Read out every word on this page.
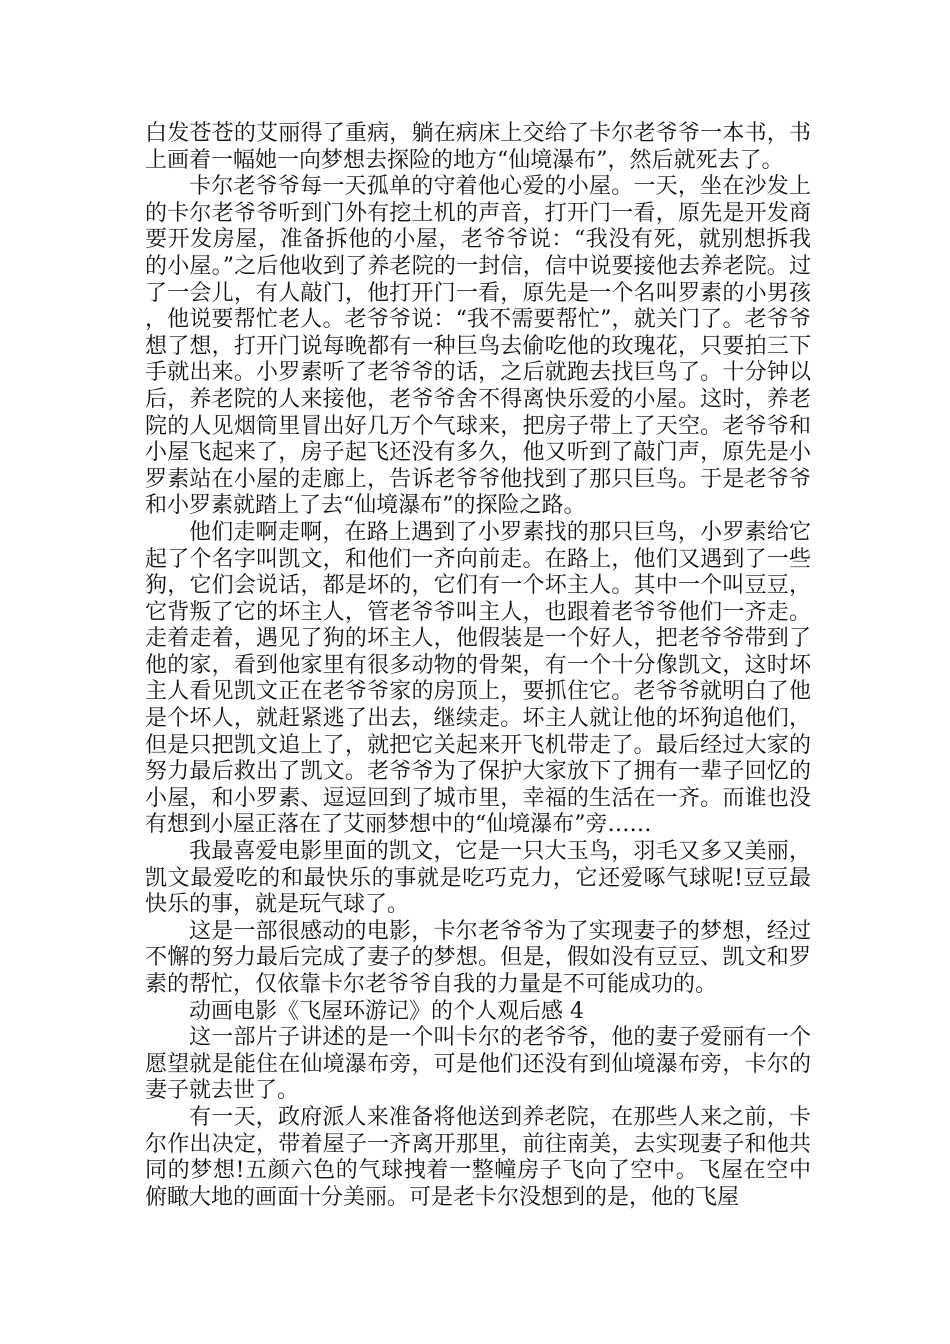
白发苍苍的艾丽得了重病，躺在病床上交给了卡尔老爷爷一本书，书上画着一幅她一向梦想去探险的地方“仙境瀑布”，然后就死去了。

卡尔老爷爷每一天孤单的守着他心爱的小屋。一天，坐在沙发上的卡尔老爷爷听到门外有挖土机的声音，打开门一看，原先是开发商要开发房屋，准备拆他的小屋，老爷爷说：“我没有死，就别想拆我的小屋。”之后他收到了养老院的一封信，信中说要接他去养老院。过了一会儿，有人敲门，他打开门一看，原先是一个名叫罗素的小男孩，他说要帮忙老人。老爷爷说：“我不需要帮忙”，就关门了。老爷爷想了想，打开门说每晚都有一种巨鸟去偷吃他的玫瑰花，只要拍三下手就出来。小罗素听了老爷爷的话，之后就跑去找巨鸟了。十分钟以后，养老院的人来接他，老爷爷舍不得离快乐爱的小屋。这时，养老院的人见烟筒里冒出好几万个气球来，把房子带上了天空。老爷爷和小屋飞起来了，房子起飞还没有多久，他又听到了敲门声，原先是小罗素站在小屋的走廊上，告诉老爷爷他找到了那只巨鸟。于是老爷爷和小罗素就踏上了去“仙境瀑布”的探险之路。

他们走啊走啊，在路上遇到了小罗素找的那只巨鸟，小罗素给它起了个名字叫凯文，和他们一齐向前走。在路上，他们又遇到了一些狗，它们会说话，都是坏的，它们有一个坏主人。其中一个叫豆豆，它背叛了它的坏主人，管老爷爷叫主人，也跟着老爷爷他们一齐走。走着走着，遇见了狗的坏主人，他假装是一个好人，把老爷爷带到了他的家，看到他家里有很多动物的骨架，有一个十分像凯文，这时坏主人看见凯文正在老爷爷家的房顶上，要抓住它。老爷爷就明白了他是个坏人，就赶紧逃了出去，继续走。坏主人就让他的坏狗追他们，但是只把凯文追上了，就把它关起来开飞机带走了。最后经过大家的努力最后救出了凯文。老爷爷为了保护大家放下了拥有一辈子回忆的小屋，和小罗素、逗逗回到了城市里，幸福的生活在一齐。而谁也没有想到小屋正落在了艾丽梦想中的“仙境瀑布”旁……

我最喜爱电影里面的凯文，它是一只大玉鸟，羽毛又多又美丽，凯文最爱吃的和最快乐的事就是吃巧克力，它还爱啄气球呢!豆豆最快乐的事，就是玩气球了。

这是一部很感动的电影，卡尔老爷爷为了实现妻子的梦想，经过不懈的努力最后完成了妻子的梦想。但是，假如没有豆豆、凯文和罗素的帮忙，仅依靠卡尔老爷爷自我的力量是不可能成功的。

动画电影《飞屋环游记》的个人观后感 4

这一部片子讲述的是一个叫卡尔的老爷爷，他的妻子爱丽有一个愿望就是能住在仙境瀑布旁，可是他们还没有到仙境瀑布旁，卡尔的妻子就去世了。

有一天，政府派人来准备将他送到养老院，在那些人来之前，卡尔作出决定，带着屋子一齐离开那里，前往南美，去实现妻子和他共同的梦想!五颜六色的气球拽着一整幢房子飞向了空中。飞屋在空中俯瞰大地的画面十分美丽。可是老卡尔没想到的是，他的飞屋
